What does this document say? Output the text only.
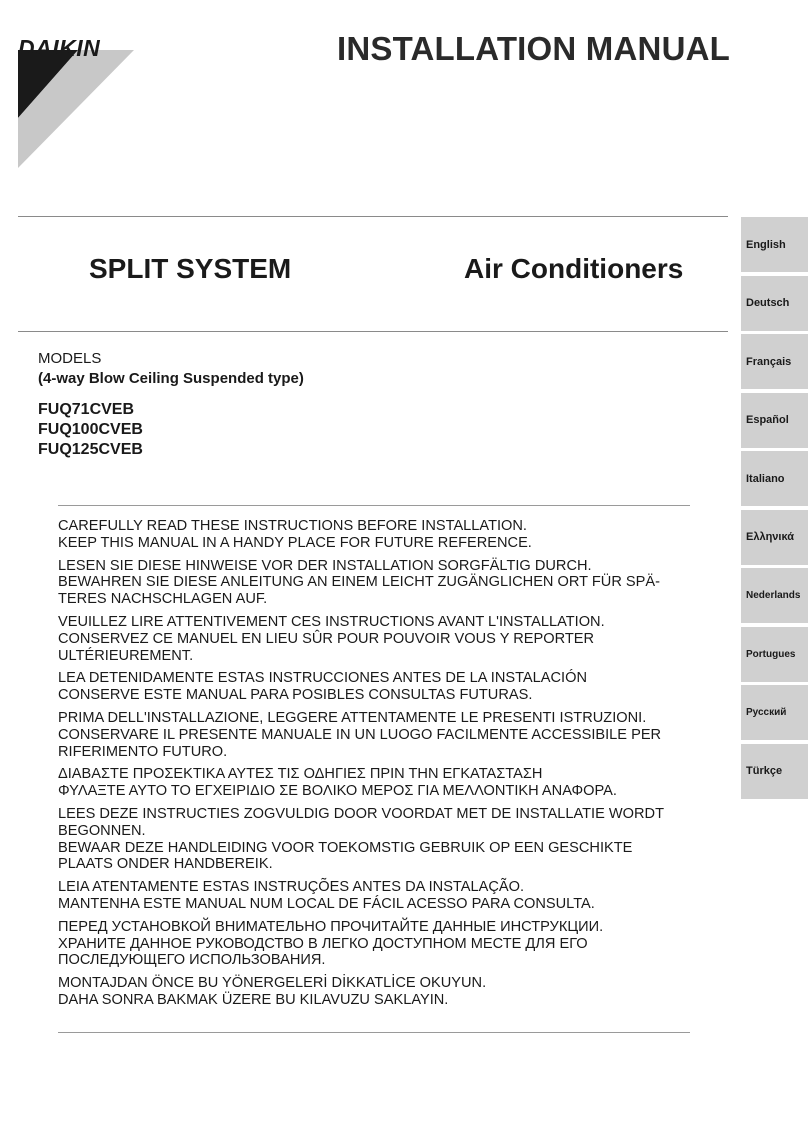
DAIKIN	INSTALLATION MANUAL
SPLIT SYSTEM	Air Conditioners
MODELS
(4-way Blow Ceiling Suspended type)
FUQ71CVEB
FUQ100CVEB
FUQ125CVEB

CAREFULLY READ THESE INSTRUCTIONS BEFORE INSTALLATION.

KEEP THIS MANUAL IN A HANDY PLACE FOR FUTURE REFERENCE.

LESEN SIE DIESE HINWEISE VOR DER INSTALLATION SORGFÄLTIG DURCH.

BEWAHREN SIE DIESE ANLEITUNG AN EINEM LEICHT ZUGÄNGLICHEN ORT FÜR SPÄ-

TERES NACHSCHLAGEN AUF.

VEUILLEZ LIRE ATTENTIVEMENT CES INSTRUCTIONS AVANT L'INSTALLATION.

CONSERVEZ CE MANUEL EN LIEU SÛR POUR POUVOIR VOUS Y REPORTER

ULTÉRIEUREMENT.

LEA DETENIDAMENTE ESTAS INSTRUCCIONES ANTES DE LA INSTALACIÓN

CONSERVE ESTE MANUAL PARA POSIBLES CONSULTAS FUTURAS.

PRIMA DELL'INSTALLAZIONE, LEGGERE ATTENTAMENTE LE PRESENTI ISTRUZIONI.

CONSERVARE IL PRESENTE MANUALE IN UN LUOGO FACILMENTE ACCESSIBILE PER

RIFERIMENTO FUTURO.

ΔΙΑΒΑΣΤΕ ΠΡΟΣΕΚΤΙΚΑ ΑΥΤΕΣ ΤΙΣ ΟΔΗΓΙΕΣ ΠΡΙΝ ΤΗΝ ΕΓΚΑΤΑΣΤΑΣΗ

ΦΥΛΑΞΤΕ ΑΥΤΟ ΤΟ ΕΓΧΕΙΡΙΔΙΟ ΣΕ ΒΟΛΙΚΟ ΜΕΡΟΣ ΓΙΑ ΜΕΛΛΟΝΤΙΚΗ ΑΝΑΦΟΡΑ.

LEES DEZE INSTRUCTIES ZOGVULDIG DOOR VOORDAT MET DE INSTALLATIE WORDT

BEGONNEN.

BEWAAR DEZE HANDLEIDING VOOR TOEKOMSTIG GEBRUIK OP EEN GESCHIKTE

PLAATS ONDER HANDBEREIK.

LEIA ATENTAMENTE ESTAS INSTRUÇÕES ANTES DA INSTALAÇÃO.

MANTENHA ESTE MANUAL NUM LOCAL DE FÁCIL ACESSO PARA CONSULTA.

ПЕРЕД УСТАНОВКОЙ ВНИМАТЕЛЬНО ПРОЧИТАЙТЕ ДАННЫЕ ИНСТРУКЦИИ.

ХРАНИТЕ ДАННОЕ РУКОВОДСТВО В ЛЕГКО ДОСТУПНОМ МЕСТЕ ДЛЯ ЕГО

ПОСЛЕДУЮЩЕГО ИСПОЛЬЗОВАНИЯ.

MONTAJDAN ÖNCE BU YÖNERGELERİ DİKKATLİCE OKUYUN.

DAHA SONRA BAKMAK ÜZERE BU KILAVUZU SAKLAYIN.

English
Deutsch
Français
Español
Italiano
Ελληνικά
Nederlands
Portugues
Русский
Türkçe
